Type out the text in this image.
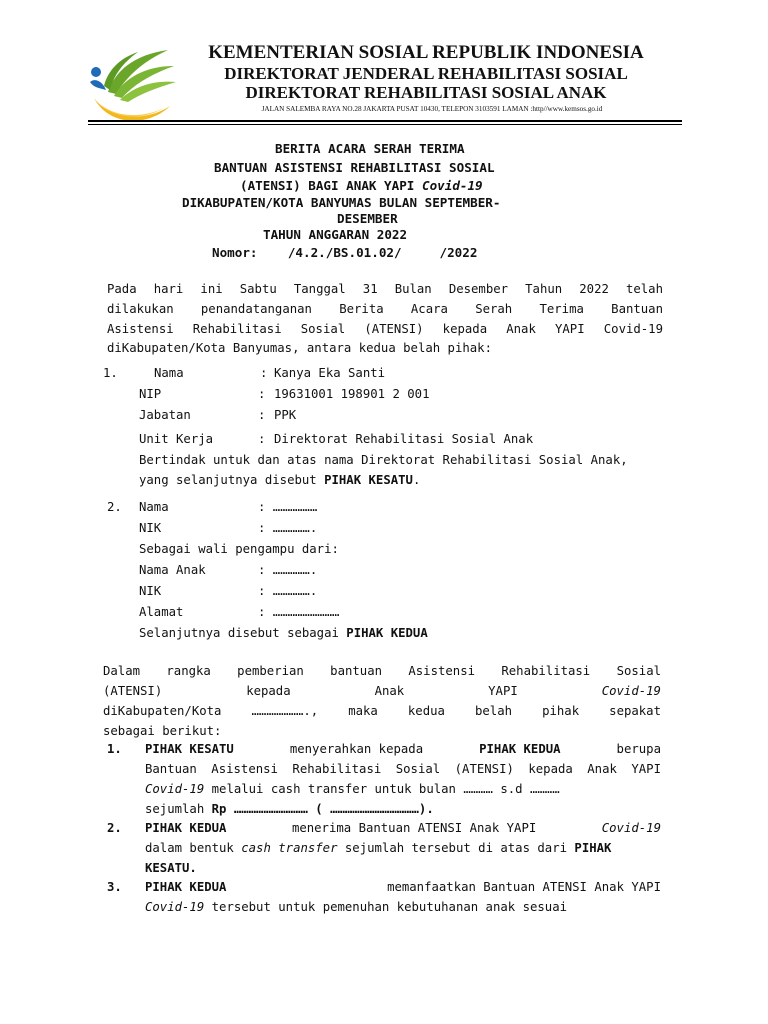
KEMENTERIAN SOSIAL REPUBLIK INDONESIA
DIREKTORAT JENDERAL REHABILITASI SOSIAL
DIREKTORAT REHABILITASI SOSIAL ANAK
JALAN SALEMBA RAYA NO.28 JAKARTA PUSAT 10430, TELEPON 3103591 LAMAN :http//www.kemsos.go.id
BERITA ACARA SERAH TERIMA
BANTUAN ASISTENSI REHABILITASI SOSIAL
(ATENSI) BAGI ANAK YAPI Covid-19
DIKABUPATEN/KOTA BANYUMAS BULAN SEPTEMBER-
DESEMBER
TAHUN ANGGARAN 2022
Nomor: /4.2./BS.01.02/     /2022
Pada hari ini Sabtu Tanggal 31 Bulan Desember Tahun 2022 telah
dilakukan penandatanganan Berita Acara Serah Terima Bantuan
Asistensi Rehabilitasi Sosial (ATENSI) kepada Anak YAPI Covid-19
diKabupaten/Kota Banyumas, antara kedua belah pihak:
1.	Nama	: Kanya Eka Santi
NIP	: 19631001 198901 2 001
Jabatan	: PPK
Unit Kerja	: Direktorat Rehabilitasi Sosial Anak
Bertindak untuk dan atas nama Direktorat Rehabilitasi Sosial Anak,
yang selanjutnya disebut PIHAK KESATU.
2. Nama	: ………………
NIK	: …………….
Sebagai wali pengampu dari:
Nama Anak	: …………….
NIK	: …………….
Alamat	: ………………………
Selanjutnya disebut sebagai PIHAK KEDUA
Dalam rangka pemberian bantuan Asistensi Rehabilitasi Sosial
(ATENSI)	kepada	Anak	YAPI	Covid-19
diKabupaten/Kota …………………., maka kedua belah pihak sepakat
sebagai berikut:
1. PIHAK KESATU	menyerahkan kepada	PIHAK KEDUA	berupa
Bantuan Asistensi Rehabilitasi Sosial (ATENSI) kepada Anak YAPI
Covid-19 melalui cash transfer untuk bulan ………… s.d …………
sejumlah Rp ………………………… ( ………………………………).
2. PIHAK KEDUA	menerima Bantuan ATENSI Anak YAPI	Covid-19
dalam bentuk cash transfer sejumlah tersebut di atas dari PIHAK
KESATU.
3. PIHAK KEDUA	memanfaatkan Bantuan ATENSI Anak YAPI
Covid-19 tersebut untuk pemenuhan kebutuhanan anak sesuai
